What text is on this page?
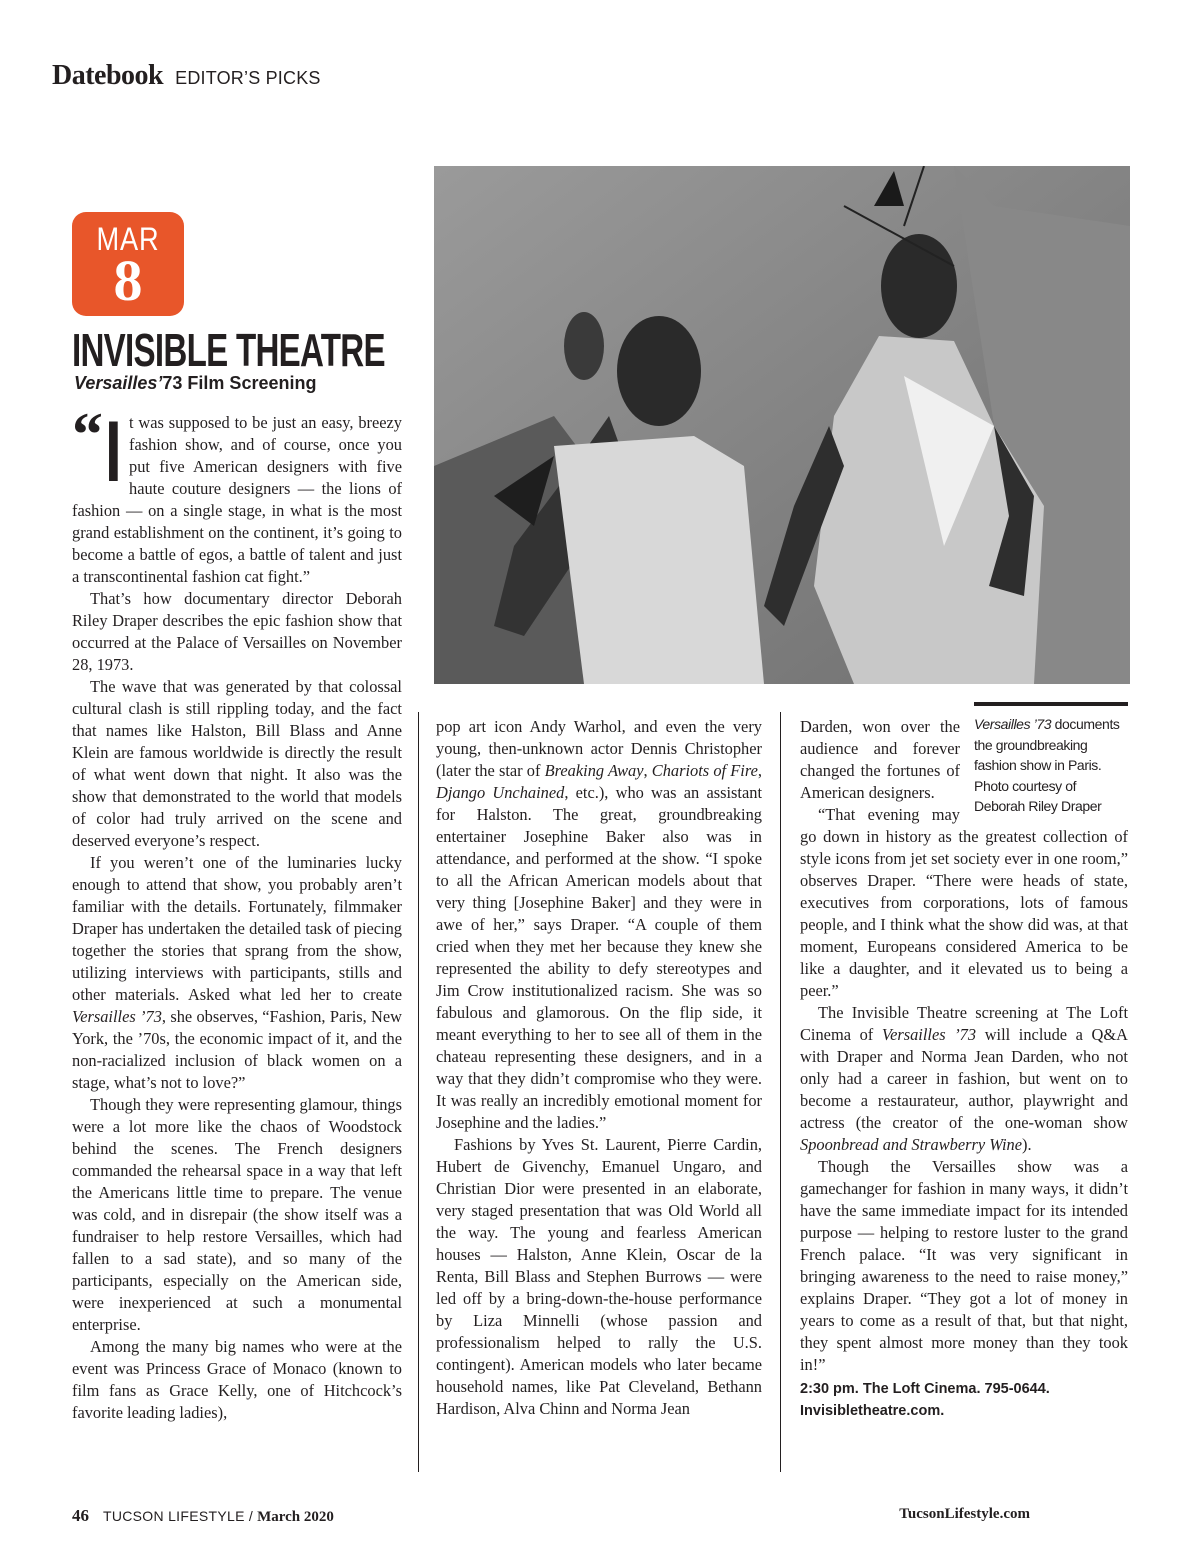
Datebook EDITOR’S PICKS
MAR
8
INVISIBLE THEATRE
Versailles’73 Film Screening

“ I t was supposed to be just an easy, breezy fashion show, and of course, once you put five American designers with five haute couture designers — the lions of fashion — on a single stage, in what is the most grand establishment on the continent, it’s going to become a battle of egos, a battle of talent and just a transcontinental fashion cat fight.”

That’s how documentary director Deborah Riley Draper describes the epic fashion show that occurred at the Palace of Versailles on November 28, 1973.

The wave that was generated by that colossal cultural clash is still rippling today, and the fact that names like Halston, Bill Blass and Anne Klein are famous worldwide is directly the result of what went down that night. It also was the show that demonstrated to the world that models of color had truly arrived on the scene and deserved everyone’s respect.

If you weren’t one of the luminaries lucky enough to attend that show, you probably aren’t familiar with the details. Fortunately, filmmaker Draper has undertaken the detailed task of piecing together the stories that sprang from the show, utilizing interviews with participants, stills and other materials. Asked what led her to create Versailles ’73, she observes, “Fashion, Paris, New York, the ’70s, the economic impact of it, and the non-racialized inclusion of black women on a stage, what’s not to love?”

Though they were representing glamour, things were a lot more like the chaos of Woodstock behind the scenes. The French designers commanded the rehearsal space in a way that left the Americans little time to prepare. The venue was cold, and in disrepair (the show itself was a fundraiser to help restore Versailles, which had fallen to a sad state), and so many of the participants, especially on the American side, were inexperienced at such a monumental enterprise.

Among the many big names who were at the event was Princess Grace of Monaco (known to film fans as Grace Kelly, one of Hitchcock’s favorite leading ladies),

pop art icon Andy Warhol, and even the very young, then-unknown actor Dennis Christopher (later the star of Breaking Away, Chariots of Fire, Django Unchained, etc.), who was an assistant for Halston. The great, groundbreaking entertainer Josephine Baker also was in attendance, and performed at the show. “I spoke to all the African American models about that very thing [Josephine Baker] and they were in awe of her,” says Draper. “A couple of them cried when they met her because they knew she represented the ability to defy stereotypes and Jim Crow institutionalized racism. She was so fabulous and glamorous. On the flip side, it meant everything to her to see all of them in the chateau representing these designers, and in a way that they didn’t compromise who they were. It was really an incredibly emotional moment for Josephine and the ladies.”

Fashions by Yves St. Laurent, Pierre Cardin, Hubert de Givenchy, Emanuel Ungaro, and Christian Dior were presented in an elaborate, very staged presentation that was Old World all the way. The young and fearless American houses — Halston, Anne Klein, Oscar de la Renta, Bill Blass and Stephen Burrows — were led off by a bring-down-the-house performance by Liza Minnelli (whose passion and professionalism helped to rally the U.S. contingent). American models who later became household names, like Pat Cleveland, Bethann Hardison, Alva Chinn and Norma Jean

Versailles ’73 documents the groundbreaking fashion show in Paris. Photo courtesy of Deborah Riley Draper

Darden, won over the audience and forever changed the fortunes of American designers.

“That evening may go down in history as the greatest collection of style icons from jet set society ever in one room,” observes Draper. “There were heads of state, executives from corporations, lots of famous people, and I think what the show did was, at that moment, Europeans considered America to be like a daughter, and it elevated us to being a peer.”

The Invisible Theatre screening at The Loft Cinema of Versailles ’73 will include a Q&A with Draper and Norma Jean Darden, who not only had a career in fashion, but went on to become a restaurateur, author, playwright and actress (the creator of the one-woman show Spoonbread and Strawberry Wine).

Though the Versailles show was a gamechanger for fashion in many ways, it didn’t have the same immediate impact for its intended purpose — helping to restore luster to the grand French palace. “It was very significant in bringing awareness to the need to raise money,” explains Draper. “They got a lot of money in years to come as a result of that, but that night, they spent almost more money than they took in!”

2:30 pm. The Loft Cinema. 795-0644.
Invisibletheatre.com.
46 TUCSON LIFESTYLE / March 2020	TucsonLifestyle.com
